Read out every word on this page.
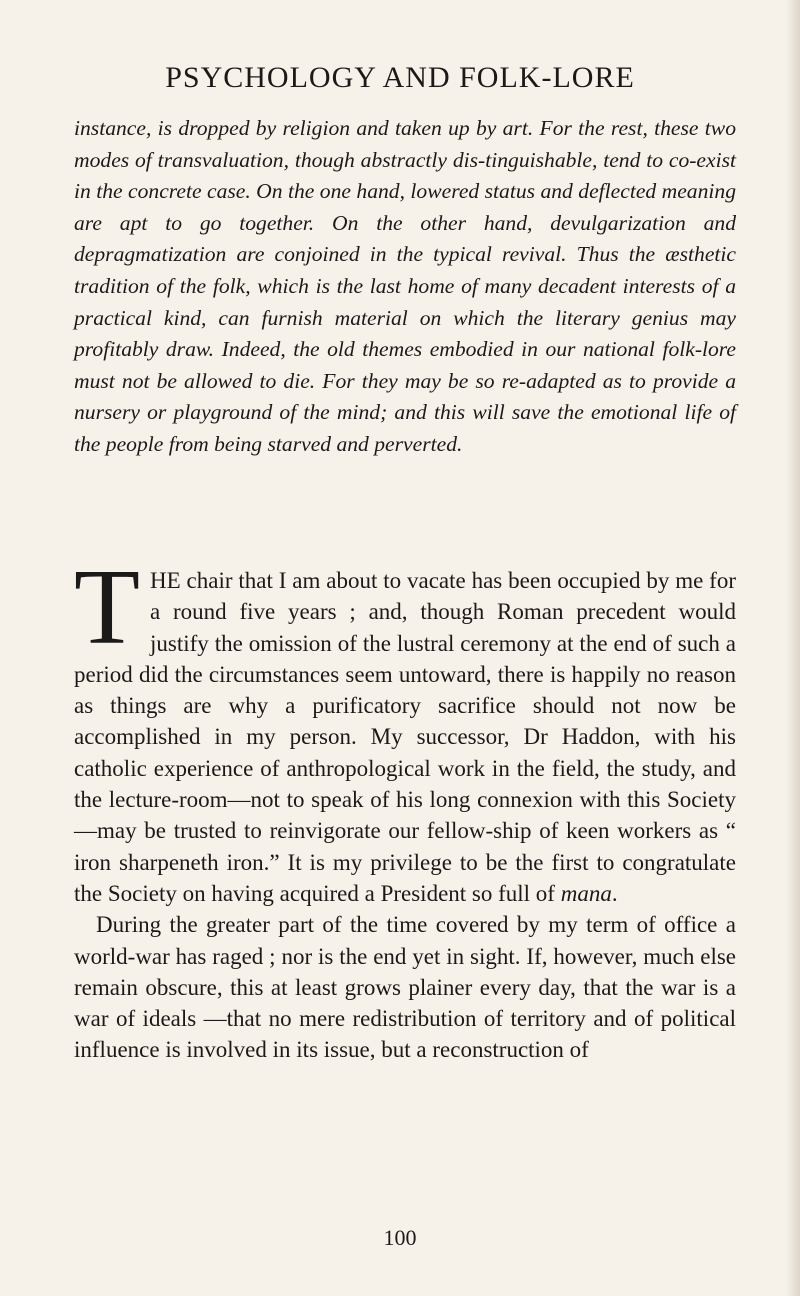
PSYCHOLOGY AND FOLK-LORE

instance, is dropped by religion and taken up by art. For the rest, these two modes of transvaluation, though abstractly dis-tinguishable, tend to co-exist in the concrete case. On the one hand, lowered status and deflected meaning are apt to go together. On the other hand, devulgarization and depragmatization are conjoined in the typical revival. Thus the æsthetic tradition of the folk, which is the last home of many decadent interests of a practical kind, can furnish material on which the literary genius may profitably draw. Indeed, the old themes embodied in our national folk-lore must not be allowed to die. For they may be so re-adapted as to provide a nursery or playground of the mind; and this will save the emotional life of the people from being starved and perverted.

THE chair that I am about to vacate has been occupied by me for a round five years ; and, though Roman precedent would justify the omission of the lustral ceremony at the end of such a period did the circumstances seem untoward, there is happily no reason as things are why a purificatory sacrifice should not now be accomplished in my person. My successor, Dr Haddon, with his catholic experience of anthropological work in the field, the study, and the lecture-room—not to speak of his long connexion with this Society—may be trusted to reinvigorate our fellow-ship of keen workers as “ iron sharpeneth iron.” It is my privilege to be the first to congratulate the Society on having acquired a President so full of mana.

During the greater part of the time covered by my term of office a world-war has raged ; nor is the end yet in sight. If, however, much else remain obscure, this at least grows plainer every day, that the war is a war of ideals —that no mere redistribution of territory and of political influence is involved in its issue, but a reconstruction of

100
